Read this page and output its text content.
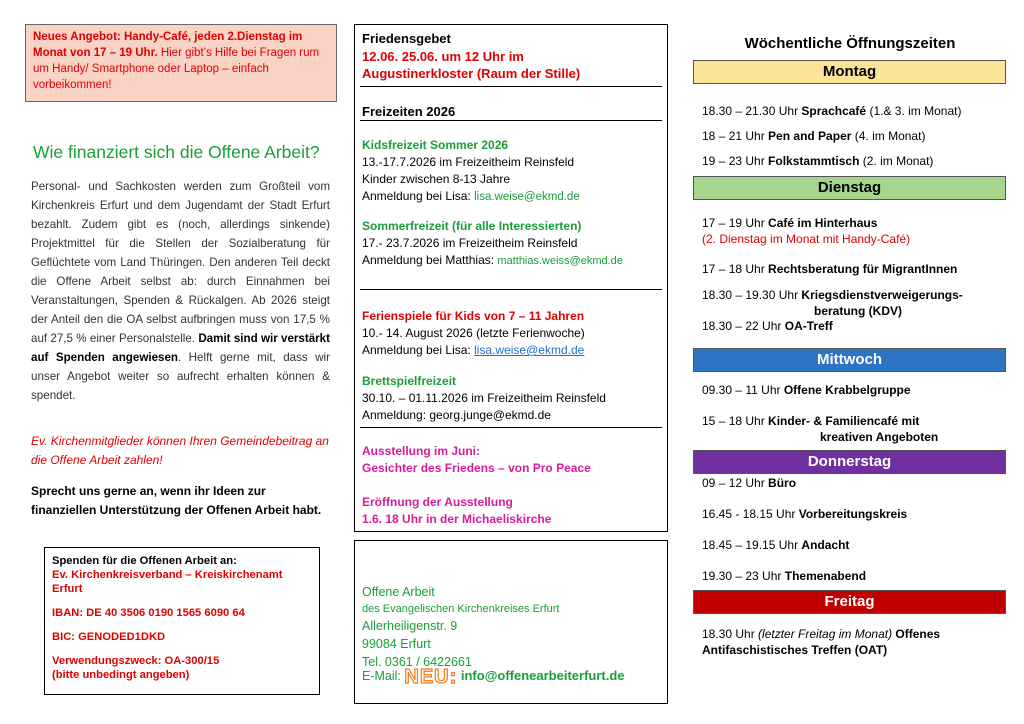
Neues Angebot: Handy-Café, jeden 2.Dienstag im Monat von 17 – 19 Uhr. Hier gibt’s Hilfe bei Fragen rum um Handy/ Smartphone oder Laptop – einfach vorbeikommen!
Wie finanziert sich die Offene Arbeit?
Personal- und Sachkosten werden zum Großteil vom Kirchenkreis Erfurt und dem Jugendamt der Stadt Erfurt bezahlt. Zudem gibt es (noch, allerdings sinkende) Projektmittel für die Stellen der Sozialberatung für Geflüchtete vom Land Thüringen. Den anderen Teil deckt die Offene Arbeit selbst ab: durch Einnahmen bei Veranstaltungen, Spenden & Rückalgen. Ab 2026 steigt der Anteil den die OA selbst aufbringen muss von 17,5 % auf 27,5 % einer Personalstelle. Damit sind wir verstärkt auf Spenden angewiesen. Helft gerne mit, dass wir unser Angebot weiter so aufrecht erhalten können & spendet.
Ev. Kirchenmitglieder können Ihren Gemeindebeitrag an die Offene Arbeit zahlen!
Sprecht uns gerne an, wenn ihr Ideen zur finanziellen Unterstützung der Offenen Arbeit habt.
Spenden für die Offenen Arbeit an:
Ev. Kirchenkreisverband – Kreiskirchenamt
Erfurt
IBAN: DE 40 3506 0190 1565 6090 64
BIC: GENODED1DKD
Verwendungszweck: OA-300/15
(bitte unbedingt angeben)
Friedensgebet
12.06. 25.06. um 12 Uhr im
Augustinerkloster (Raum der Stille)
Freizeiten 2026
Kidsfreizeit Sommer 2026
13.-17.7.2026 im Freizeitheim Reinsfeld
Kinder zwischen 8-13 Jahre
Anmeldung bei Lisa: lisa.weise@ekmd.de
Sommerfreizeit (für alle Interessierten)
17.- 23.7.2026 im Freizeitheim Reinsfeld
Anmeldung bei Matthias: matthias.weiss@ekmd.de
Ferienspiele für Kids von 7 – 11 Jahren
10.- 14. August 2026 (letzte Ferienwoche)
Anmeldung bei Lisa: lisa.weise@ekmd.de
Brettspielfreizeit
30.10. – 01.11.2026 im Freizeitheim Reinsfeld
Anmeldung: georg.junge@ekmd.de
Ausstellung im Juni:
Gesichter des Friedens – von Pro Peace
Eröffnung der Ausstellung
1.6. 18 Uhr in der Michaeliskirche
Offene Arbeit
des Evangelischen Kirchenkreises Erfurt
Allerheiligenstr. 9
99084 Erfurt
Tel. 0361 / 6422661
E-Mail: NEU: info@offenearbeiterfurt.de
Wöchentliche Öffnungszeiten
Montag
18.30 – 21.30 Uhr Sprachcafé (1.& 3. im Monat)
18 – 21 Uhr Pen and Paper (4. im Monat)
19 – 23 Uhr Folkstammtisch (2. im Monat)
Dienstag
17 – 19 Uhr Café im Hinterhaus
(2. Dienstag im Monat mit Handy-Café)
17 – 18 Uhr Rechtsberatung für MigrantInnen
18.30 – 19.30 Uhr Kriegsdienstverweigerungs-
beratung (KDV)
18.30 – 22 Uhr OA-Treff
Mittwoch
09.30 – 11 Uhr Offene Krabbelgruppe
15 – 18 Uhr Kinder- & Familiencafé mit
kreativen Angeboten
Donnerstag
09 – 12 Uhr Büro
16.45 - 18.15 Uhr Vorbereitungskreis
18.45 – 19.15 Uhr Andacht
19.30 – 23 Uhr Themenabend
Freitag
18.30 Uhr (letzter Freitag im Monat) Offenes
Antifaschistisches Treffen (OAT)
